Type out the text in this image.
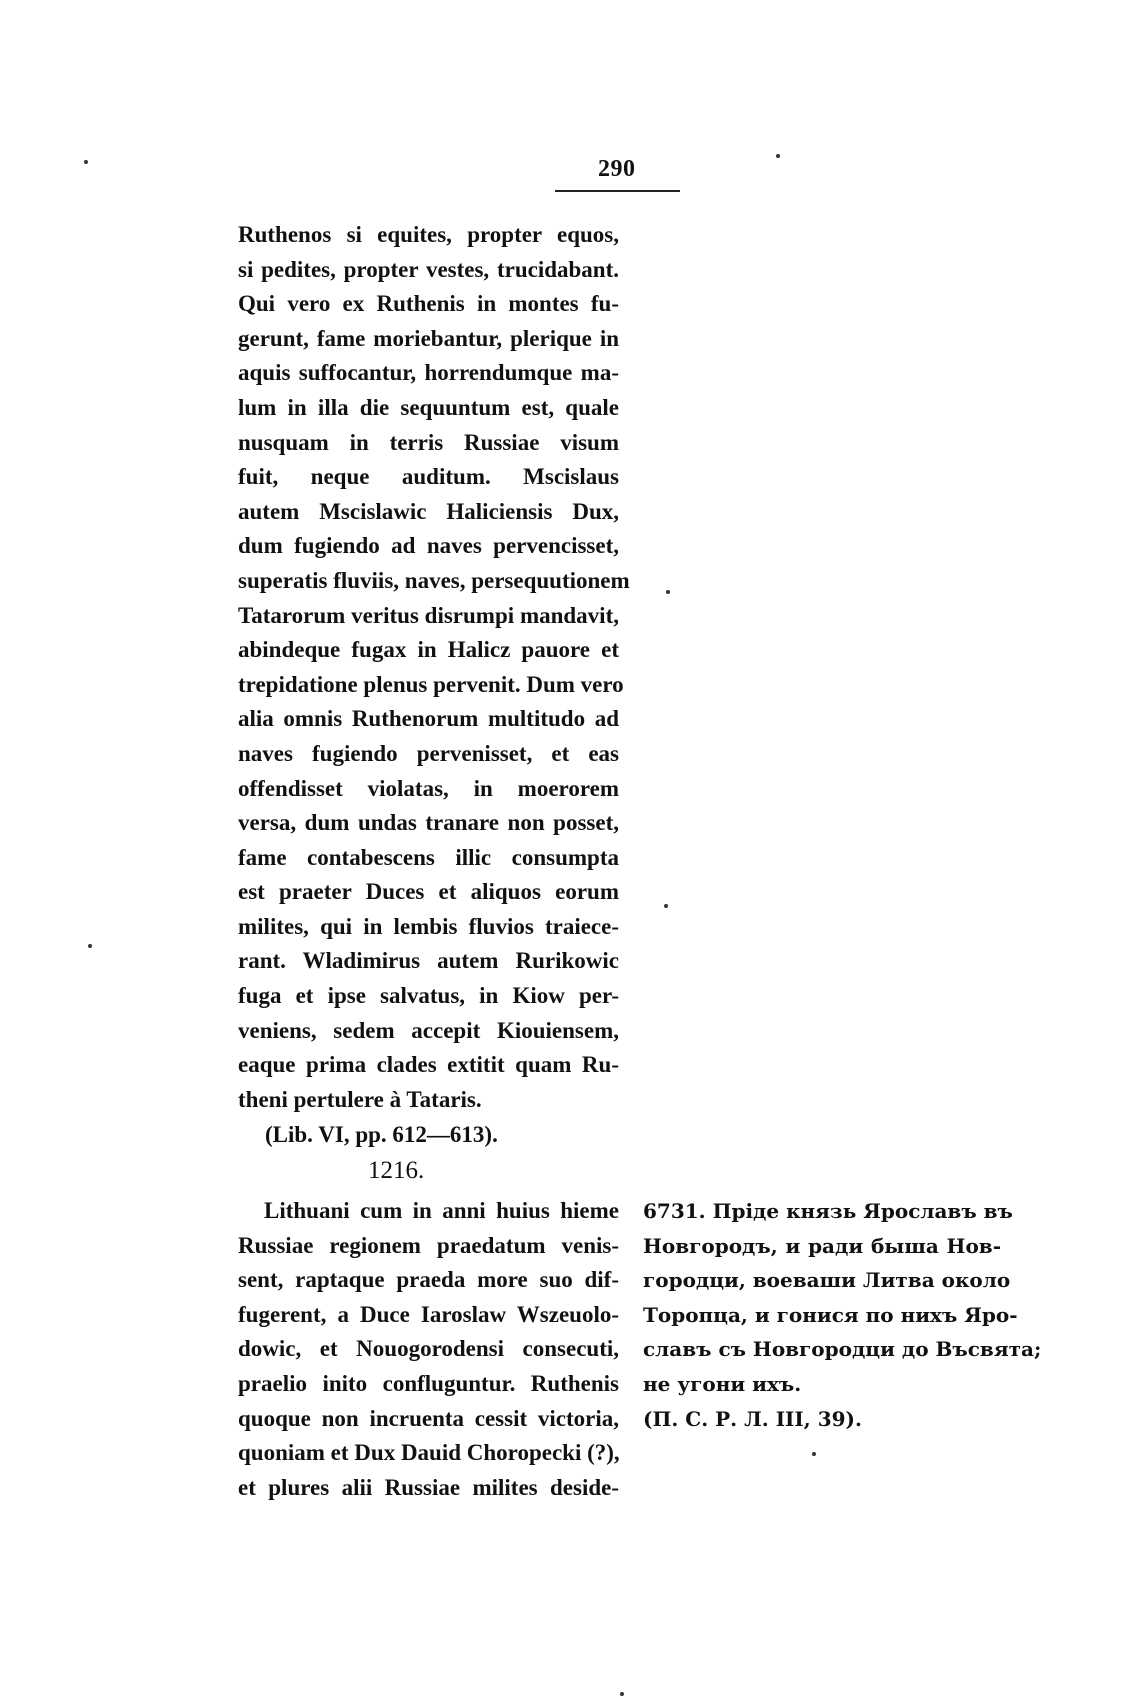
290
Ruthenos si equites, propter equos,
si pedites, propter vestes, trucidabant.
Qui vero ex Ruthenis in montes fu-
gerunt, fame moriebantur, plerique in
aquis suffocantur, horrendumque ma-
lum in illa die sequuntum est, quale
nusquam in terris Russiae visum
fuit, neque auditum. Mscislaus
autem Mscislawic Haliciensis Dux,
dum fugiendo ad naves pervencisset,
superatis fluviis, naves, persequutionem
Tatarorum veritus disrumpi mandavit,
abindeque fugax in Halicz pauore et
trepidatione plenus pervenit. Dum vero
alia omnis Ruthenorum multitudo ad
naves fugiendo pervenisset, et eas
offendisset violatas, in moerorem
versa, dum undas tranare non posset,
fame contabescens illic consumpta
est praeter Duces et aliquos eorum
milites, qui in lembis fluvios traiece-
rant. Wladimirus autem Rurikowic
fuga et ipse salvatus, in Kiow per-
veniens, sedem accepit Kiouiensem,
eaque prima clades extitit quam Ru-
theni pertulere à Tataris.
(Lib. VI, pp. 612—613).
1216.
Lithuani cum in anni huius hieme
Russiae regionem praedatum venis-
sent, raptaque praeda more suo dif-
fugerent, a Duce Iaroslaw Wszeuolo-
dowic, et Nouogorodensi consecuti,
praelio inito confluguntur. Ruthenis
quoque non incruenta cessit victoria,
quoniam et Dux Dauid Choropecki (?),
et plures alii Russiae milites deside-
6731. Прiде князь Ярославъ въ
Новгородъ, и ради быша Нов-
городци, воеваши Литва около
Торопца, и гонися по нихъ Яро-
славъ съ Новгородци до Въсвята;
не угони ихъ.
(П. С. Р. Л. III, 39).
